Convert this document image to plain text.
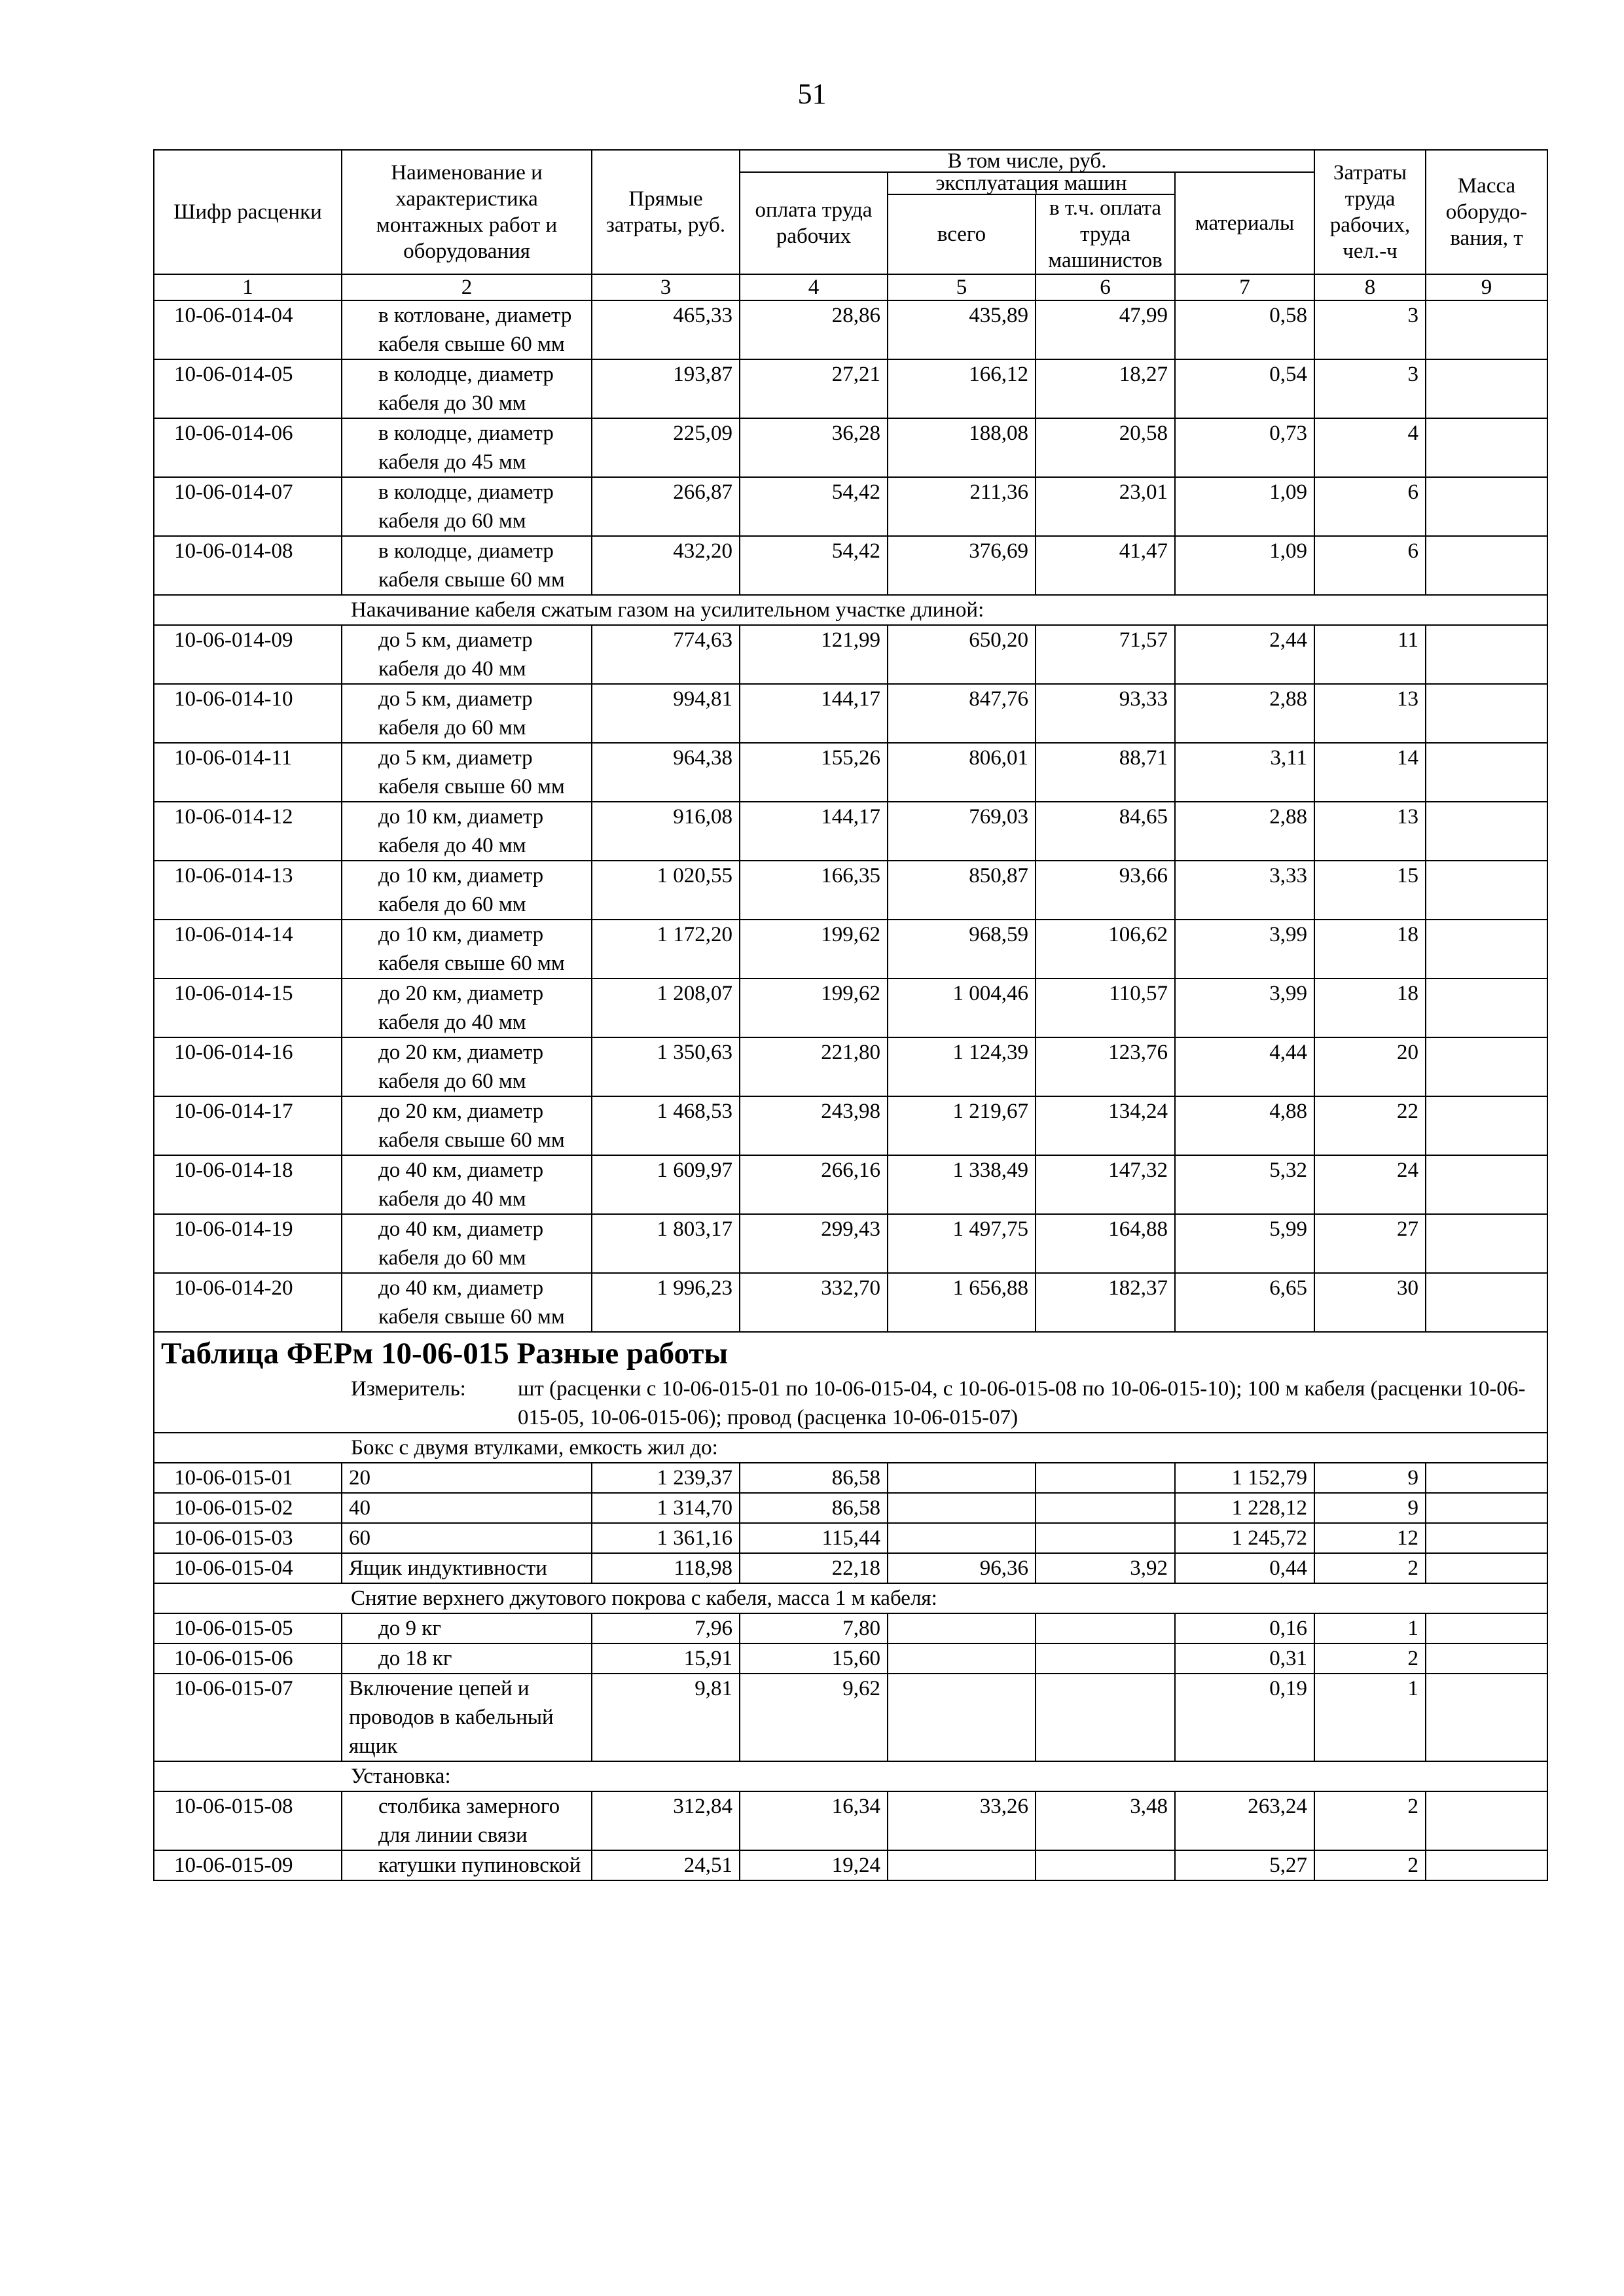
51
Шифр расценки	Наименование и характеристика монтажных работ и оборудования	Прямые затраты, руб.	В том числе, руб.				Затраты труда рабочих, чел.-ч	Масса оборудо-вания, т
			оплата труда рабочих	эксплуатация машин		материалы		
				всего	в т.ч. оплата труда машинистов			
1	2	3	4	5	6	7	8	9
10-06-014-04	в котловане, диаметр кабеля свыше 60 мм	465,33	28,86	435,89	47,99	0,58	3	
10-06-014-05	в колодце, диаметр кабеля до 30 мм	193,87	27,21	166,12	18,27	0,54	3	
10-06-014-06	в колодце, диаметр кабеля до 45 мм	225,09	36,28	188,08	20,58	0,73	4	
10-06-014-07	в колодце, диаметр кабеля до 60 мм	266,87	54,42	211,36	23,01	1,09	6	
10-06-014-08	в колодце, диаметр кабеля свыше 60 мм	432,20	54,42	376,69	41,47	1,09	6	
Накачивание кабеля сжатым газом на усилительном участке длиной:								
10-06-014-09	до 5 км, диаметр кабеля до 40 мм	774,63	121,99	650,20	71,57	2,44	11	
10-06-014-10	до 5 км, диаметр кабеля до 60 мм	994,81	144,17	847,76	93,33	2,88	13	
10-06-014-11	до 5 км, диаметр кабеля свыше 60 мм	964,38	155,26	806,01	88,71	3,11	14	
10-06-014-12	до 10 км, диаметр кабеля до 40 мм	916,08	144,17	769,03	84,65	2,88	13	
10-06-014-13	до 10 км, диаметр кабеля до 60 мм	1 020,55	166,35	850,87	93,66	3,33	15	
10-06-014-14	до 10 км, диаметр кабеля свыше 60 мм	1 172,20	199,62	968,59	106,62	3,99	18	
10-06-014-15	до 20 км, диаметр кабеля до 40 мм	1 208,07	199,62	1 004,46	110,57	3,99	18	
10-06-014-16	до 20 км, диаметр кабеля до 60 мм	1 350,63	221,80	1 124,39	123,76	4,44	20	
10-06-014-17	до 20 км, диаметр кабеля свыше 60 мм	1 468,53	243,98	1 219,67	134,24	4,88	22	
10-06-014-18	до 40 км, диаметр кабеля до 40 мм	1 609,97	266,16	1 338,49	147,32	5,32	24	
10-06-014-19	до 40 км, диаметр кабеля до 60 мм	1 803,17	299,43	1 497,75	164,88	5,99	27	
10-06-014-20	до 40 км, диаметр кабеля свыше 60 мм	1 996,23	332,70	1 656,88	182,37	6,65	30	

Таблица ФЕРм 10-06-015 Разные работы
Измеритель: шт (расценки с 10-06-015-01 по 10-06-015-04, с 10-06-015-08 по 10-06-015-10); 100 м кабеля (расценки 10-06-015-05, 10-06-015-06); провод (расценка 10-06-015-07)								

Бокс с двумя втулками, емкость жил до:								
10-06-015-01	20	1 239,37	86,58			1 152,79	9	
10-06-015-02	40	1 314,70	86,58			1 228,12	9	
10-06-015-03	60	1 361,16	115,44			1 245,72	12	
10-06-015-04	Ящик индуктивности	118,98	22,18	96,36	3,92	0,44	2	
Снятие верхнего джутового покрова с кабеля, масса 1 м кабеля:								
10-06-015-05	до 9 кг	7,96	7,80			0,16	1	
10-06-015-06	до 18 кг	15,91	15,60			0,31	2	
10-06-015-07	Включение цепей и проводов в кабельный ящик	9,81	9,62			0,19	1	
Установка:								
10-06-015-08	столбика замерного для линии связи	312,84	16,34	33,26	3,48	263,24	2	
10-06-015-09	катушки пупиновской	24,51	19,24			5,27	2	
